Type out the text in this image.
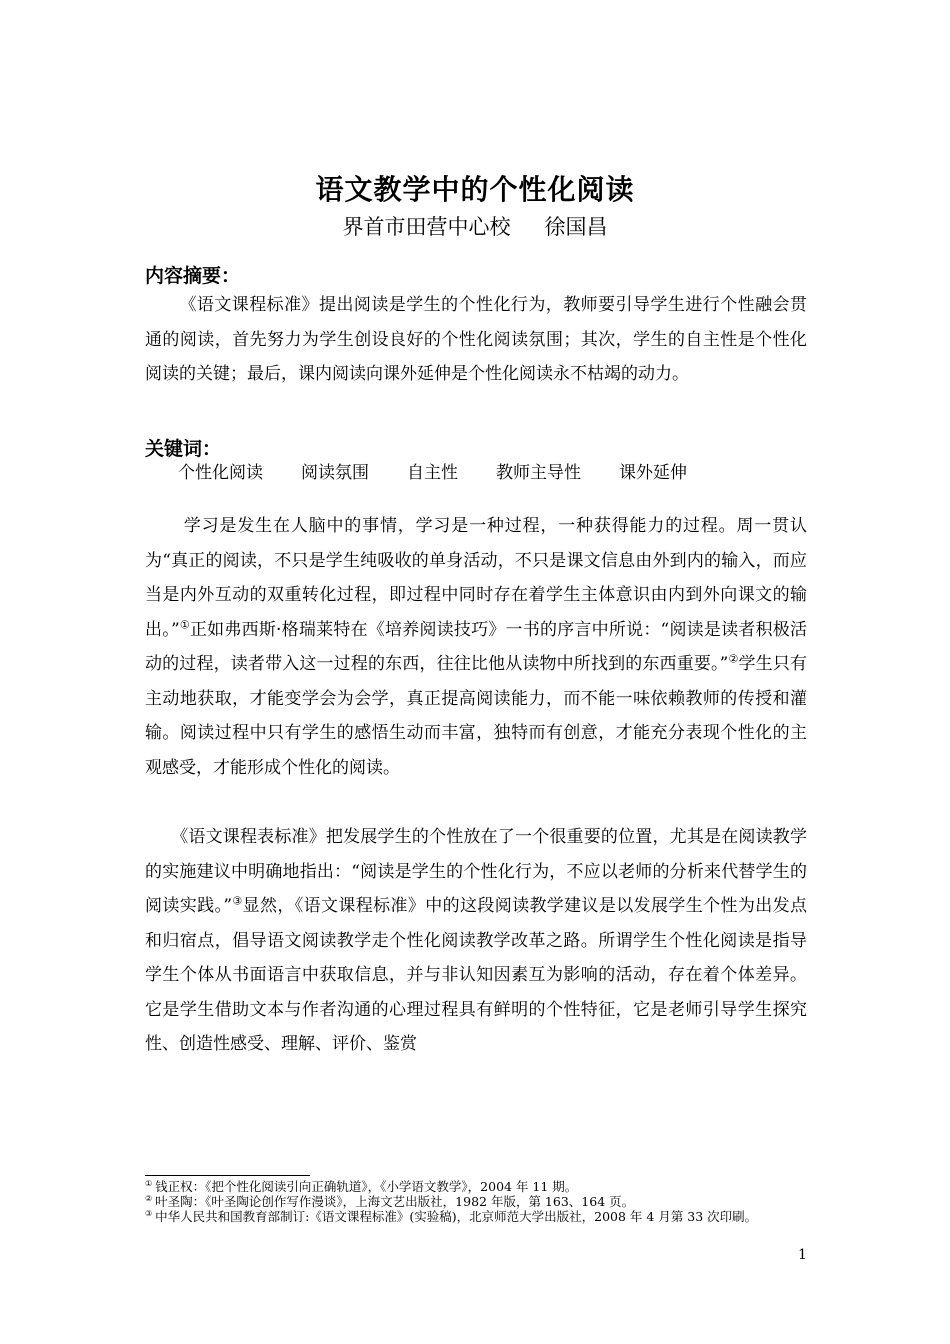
语文教学中的个性化阅读
界首市田营中心校 徐国昌
内容摘要：

《语文课程标准》提出阅读是学生的个性化行为，教师要引导学生进行个性融会贯通的阅读，首先努力为学生创设良好的个性化阅读氛围；其次，学生的自主性是个性化阅读的关键；最后，课内阅读向课外延伸是个性化阅读永不枯竭的动力。

关键词：
个性化阅读 阅读氛围 自主性 教师主导性 课外延伸

学习是发生在人脑中的事情，学习是一种过程，一种获得能力的过程。周一贯认为“真正的阅读，不只是学生纯吸收的单身活动，不只是课文信息由外到内的输入，而应当是内外互动的双重转化过程，即过程中同时存在着学生主体意识由内到外向课文的输出。”①正如弗西斯·格瑞莱特在《培养阅读技巧》一书的序言中所说：“阅读是读者积极活动的过程，读者带入这一过程的东西，往往比他从读物中所找到的东西重要。”②学生只有主动地获取，才能变学会为会学，真正提高阅读能力，而不能一味依赖教师的传授和灌输。阅读过程中只有学生的感悟生动而丰富，独特而有创意，才能充分表现个性化的主观感受，才能形成个性化的阅读。

《语文课程表标准》把发展学生的个性放在了一个很重要的位置，尤其是在阅读教学的实施建议中明确地指出：“阅读是学生的个性化行为，不应以老师的分析来代替学生的阅读实践。”③显然，《语文课程标准》中的这段阅读教学建议是以发展学生个性为出发点和归宿点，倡导语文阅读教学走个性化阅读教学改革之路。所谓学生个性化阅读是指导学生个体从书面语言中获取信息，并与非认知因素互为影响的活动，存在着个体差异。它是学生借助文本与作者沟通的心理过程具有鲜明的个性特征，它是老师引导学生探究性、创造性感受、理解、评价、鉴赏

① 钱正权：《把个性化阅读引向正确轨道》，《小学语文教学》，2004 年 11 期。
② 叶圣陶：《叶圣陶论创作写作漫谈》，上海文艺出版社，1982 年版，第 163、164 页。
③ 中华人民共和国教育部制订:《语文课程标准》(实验稿)，北京师范大学出版社，2008 年 4 月第 33 次印刷。
1
